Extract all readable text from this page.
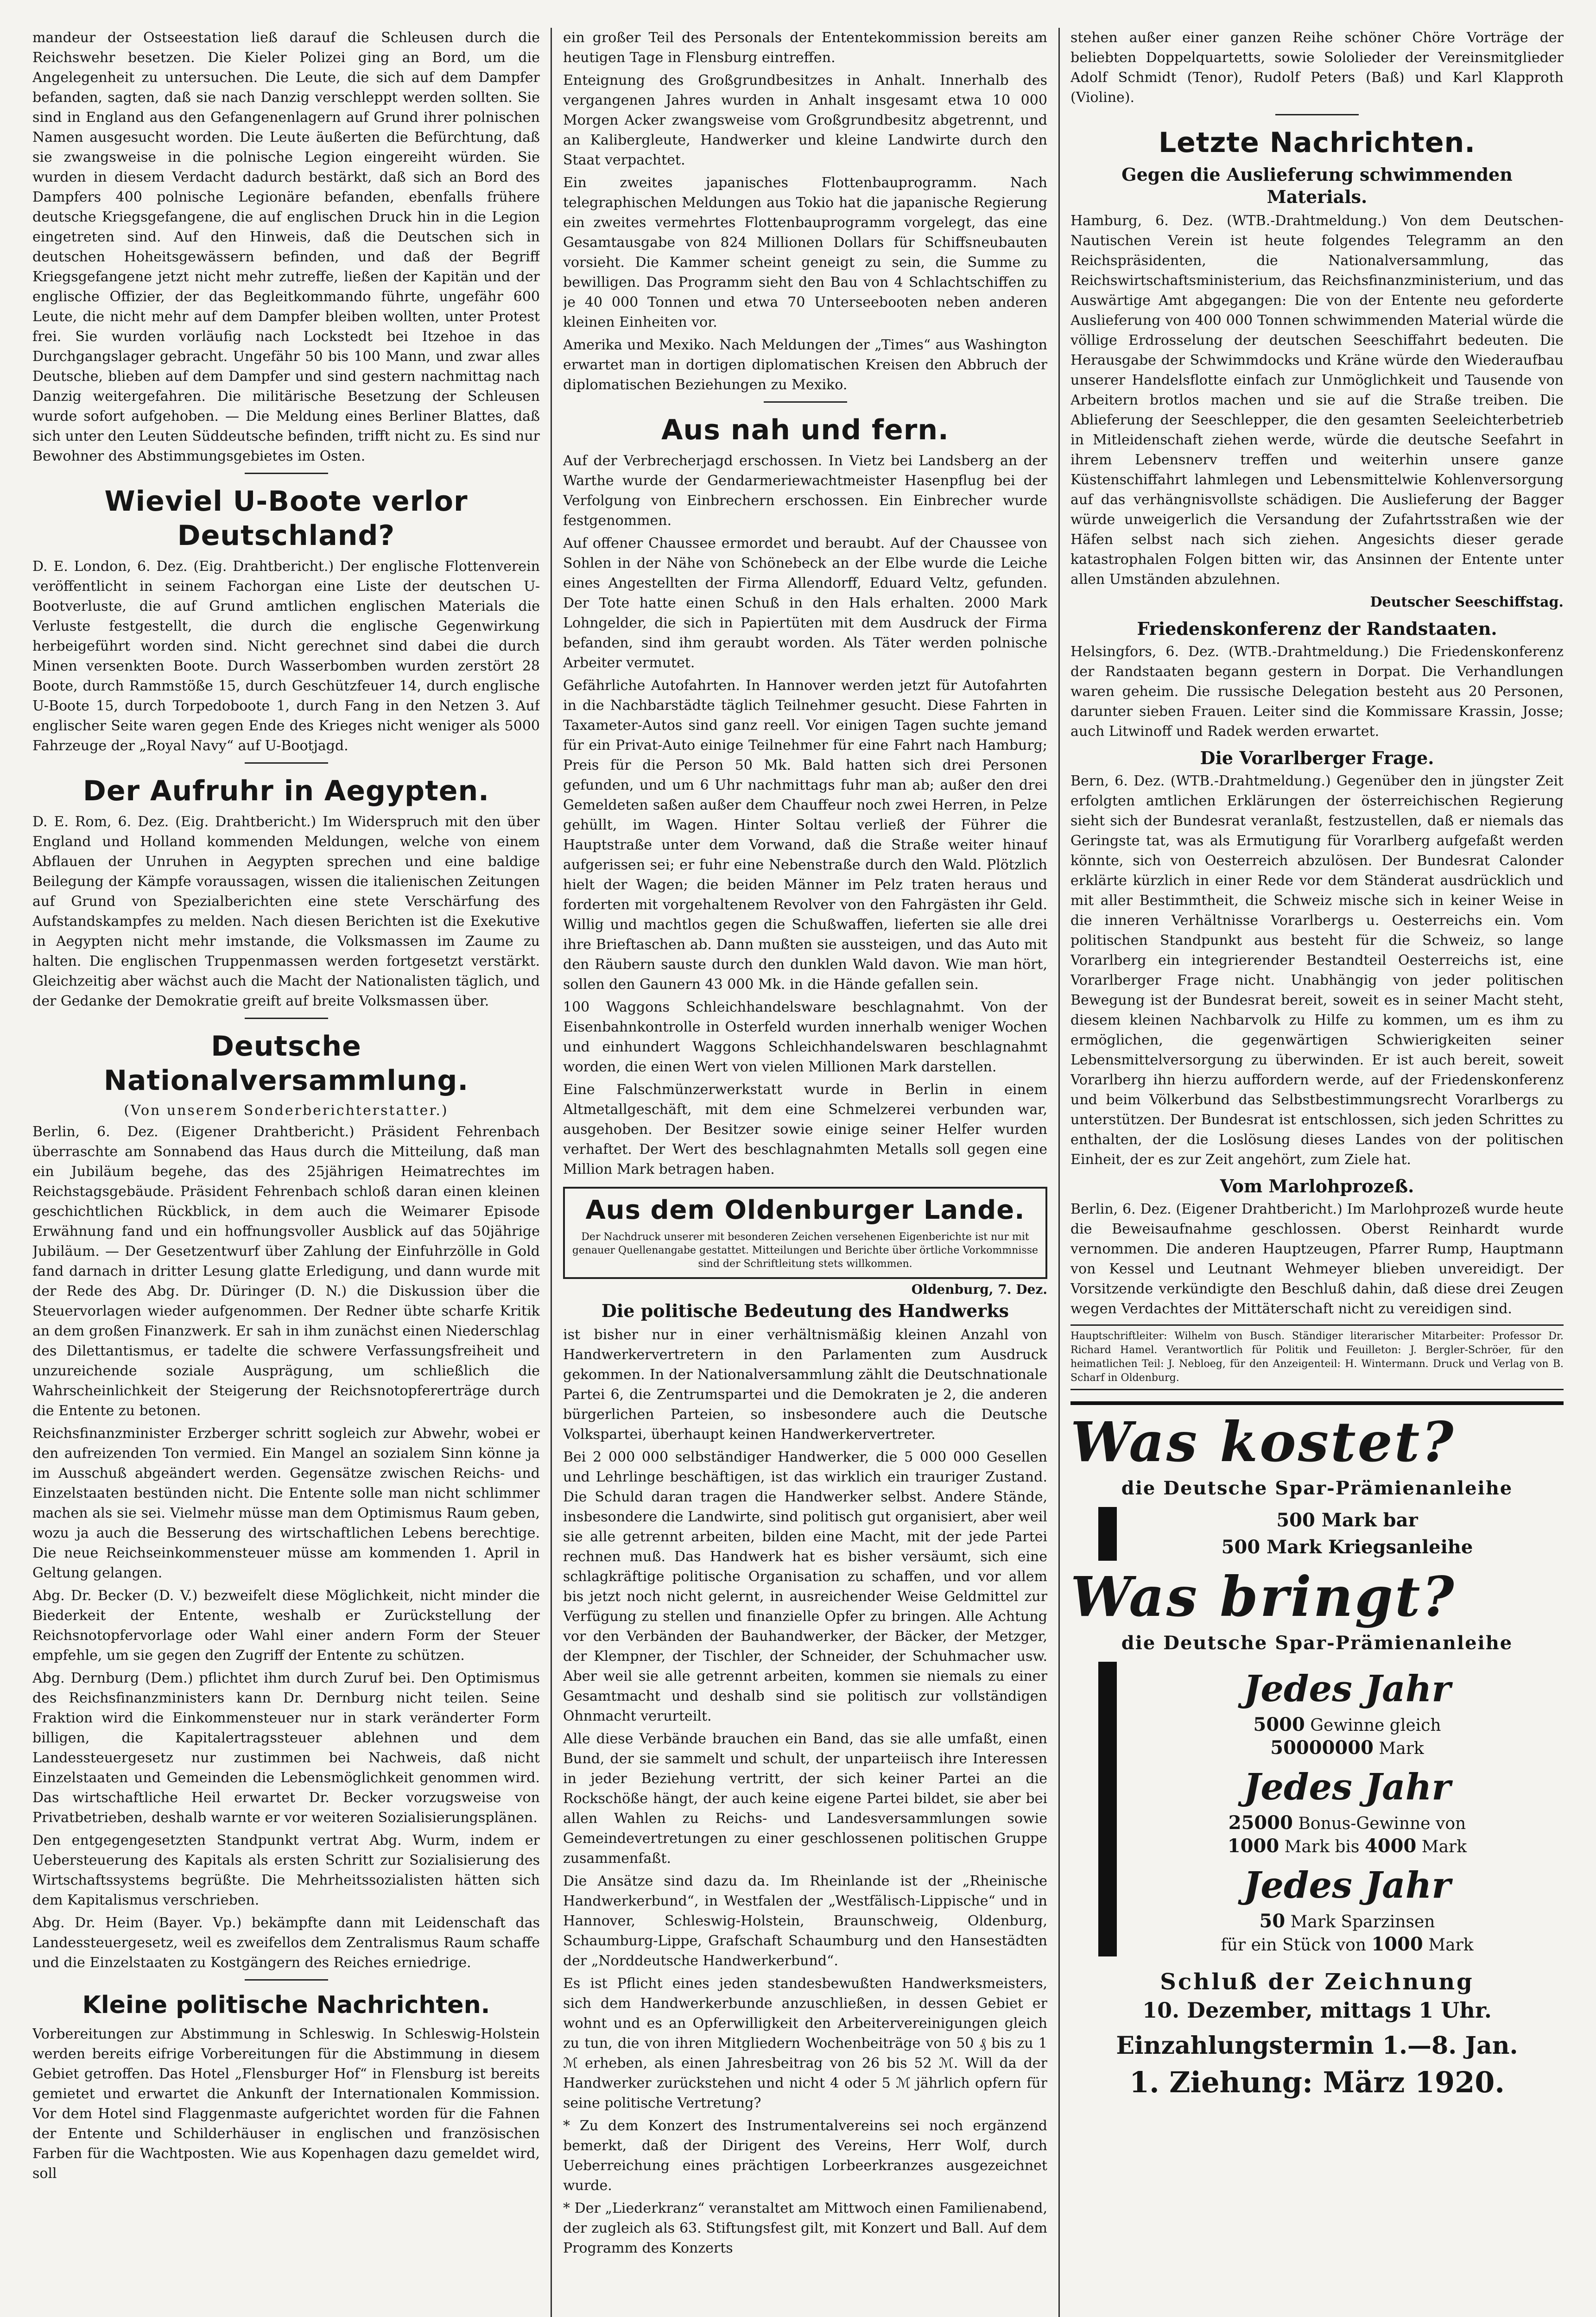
mandeur der Ostseestation ließ darauf die Schleusen durch die Reichswehr besetzen. Die Kieler Polizei ging an Bord, um die Angelegenheit zu untersuchen. Die Leute, die sich auf dem Dampfer befanden, sagten, daß sie nach Danzig verschleppt werden sollten. Sie sind in England aus den Gefangenenlagern auf Grund ihrer polnischen Namen ausgesucht worden. Die Leute äußerten die Befürchtung, daß sie zwangsweise in die polnische Legion eingereiht würden. Sie wurden in diesem Verdacht dadurch bestärkt, daß sich an Bord des Dampfers 400 polnische Legionäre befanden, ebenfalls frühere deutsche Kriegsgefangene, die auf englischen Druck hin in die Legion eingetreten sind. Auf den Hinweis, daß die Deutschen sich in deutschen Hoheitsgewässern befinden, und daß der Begriff Kriegsgefangene jetzt nicht mehr zutreffe, ließen der Kapitän und der englische Offizier, der das Begleitkommando führte, ungefähr 600 Leute, die nicht mehr auf dem Dampfer bleiben wollten, unter Protest frei. Sie wurden vorläufig nach Lockstedt bei Itzehoe in das Durchgangslager gebracht. Ungefähr 50 bis 100 Mann, und zwar alles Deutsche, blieben auf dem Dampfer und sind gestern nachmittag nach Danzig weitergefahren. Die militärische Besetzung der Schleusen wurde sofort aufgehoben. — Die Meldung eines Berliner Blattes, daß sich unter den Leuten Süddeutsche befinden, trifft nicht zu. Es sind nur Bewohner des Abstimmungsgebietes im Osten.

Wieviel U-Boote verlor Deutschland?

D. E. London, 6. Dez. (Eig. Drahtbericht.) Der englische Flottenverein veröffentlicht in seinem Fachorgan eine Liste der deutschen U-Bootverluste, die auf Grund amtlichen englischen Materials die Verluste festgestellt, die durch die englische Gegenwirkung herbeigeführt worden sind. Nicht gerechnet sind dabei die durch Minen versenkten Boote. Durch Wasserbomben wurden zerstört 28 Boote, durch Rammstöße 15, durch Geschützfeuer 14, durch englische U-Boote 15, durch Torpedoboote 1, durch Fang in den Netzen 3. Auf englischer Seite waren gegen Ende des Krieges nicht weniger als 5000 Fahrzeuge der „Royal Navy“ auf U-Bootjagd.

Der Aufruhr in Aegypten.

D. E. Rom, 6. Dez. (Eig. Drahtbericht.) Im Widerspruch mit den über England und Holland kommenden Meldungen, welche von einem Abflauen der Unruhen in Aegypten sprechen und eine baldige Beilegung der Kämpfe voraussagen, wissen die italienischen Zeitungen auf Grund von Spezialberichten eine stete Verschärfung des Aufstandskampfes zu melden. Nach diesen Berichten ist die Exekutive in Aegypten nicht mehr imstande, die Volksmassen im Zaume zu halten. Die englischen Truppenmassen werden fortgesetzt verstärkt. Gleichzeitig aber wächst auch die Macht der Nationalisten täglich, und der Gedanke der Demokratie greift auf breite Volksmassen über.

Deutsche Nationalversammlung.
(Von unserem Sonderberichterstatter.)

Berlin, 6. Dez. (Eigener Drahtbericht.) Präsident Fehrenbach überraschte am Sonnabend das Haus durch die Mitteilung, daß man ein Jubiläum begehe, das des 25jährigen Heimatrechtes im Reichstagsgebäude. Präsident Fehrenbach schloß daran einen kleinen geschichtlichen Rückblick, in dem auch die Weimarer Episode Erwähnung fand und ein hoffnungsvoller Ausblick auf das 50jährige Jubiläum. — Der Gesetzentwurf über Zahlung der Einfuhrzölle in Gold fand darnach in dritter Lesung glatte Erledigung, und dann wurde mit der Rede des Abg. Dr. Düringer (D. N.) die Diskussion über die Steuervorlagen wieder aufgenommen. Der Redner übte scharfe Kritik an dem großen Finanzwerk. Er sah in ihm zunächst einen Niederschlag des Dilettantismus, er tadelte die schwere Verfassungsfreiheit und unzureichende soziale Ausprägung, um schließlich die Wahrscheinlichkeit der Steigerung der Reichsnotopfererträge durch die Entente zu betonen.

Reichsfinanzminister Erzberger schritt sogleich zur Abwehr, wobei er den aufreizenden Ton vermied. Ein Mangel an sozialem Sinn könne ja im Ausschuß abgeändert werden. Gegensätze zwischen Reichs- und Einzelstaaten bestünden nicht. Die Entente solle man nicht schlimmer machen als sie sei. Vielmehr müsse man dem Optimismus Raum geben, wozu ja auch die Besserung des wirtschaftlichen Lebens berechtige. Die neue Reichseinkommensteuer müsse am kommenden 1. April in Geltung gelangen.

Abg. Dr. Becker (D. V.) bezweifelt diese Möglichkeit, nicht minder die Biederkeit der Entente, weshalb er Zurückstellung der Reichsnotopfervorlage oder Wahl einer andern Form der Steuer empfehle, um sie gegen den Zugriff der Entente zu schützen.

Abg. Dernburg (Dem.) pflichtet ihm durch Zuruf bei. Den Optimismus des Reichsfinanzministers kann Dr. Dernburg nicht teilen. Seine Fraktion wird die Einkommensteuer nur in stark veränderter Form billigen, die Kapitalertragssteuer ablehnen und dem Landessteuergesetz nur zustimmen bei Nachweis, daß nicht Einzelstaaten und Gemeinden die Lebensmöglichkeit genommen wird. Das wirtschaftliche Heil erwartet Dr. Becker vorzugsweise von Privatbetrieben, deshalb warnte er vor weiteren Sozialisierungsplänen.

Den entgegengesetzten Standpunkt vertrat Abg. Wurm, indem er Uebersteuerung des Kapitals als ersten Schritt zur Sozialisierung des Wirtschaftssystems begrüßte. Die Mehrheitssozialisten hätten sich dem Kapitalismus verschrieben.

Abg. Dr. Heim (Bayer. Vp.) bekämpfte dann mit Leidenschaft das Landessteuergesetz, weil es zweifellos dem Zentralismus Raum schaffe und die Einzelstaaten zu Kostgängern des Reiches erniedrige.

Kleine politische Nachrichten.

Vorbereitungen zur Abstimmung in Schleswig. In Schleswig-Holstein werden bereits eifrige Vorbereitungen für die Abstimmung in diesem Gebiet getroffen. Das Hotel „Flensburger Hof“ in Flensburg ist bereits gemietet und erwartet die Ankunft der Internationalen Kommission. Vor dem Hotel sind Flaggenmaste aufgerichtet worden für die Fahnen der Entente und Schilderhäuser in englischen und französischen Farben für die Wachtposten. Wie aus Kopenhagen dazu gemeldet wird, soll

ein großer Teil des Personals der Ententekommission bereits am heutigen Tage in Flensburg eintreffen.

Enteignung des Großgrundbesitzes in Anhalt. Innerhalb des vergangenen Jahres wurden in Anhalt insgesamt etwa 10 000 Morgen Acker zwangsweise vom Großgrundbesitz abgetrennt, und an Kalibergleute, Handwerker und kleine Landwirte durch den Staat verpachtet.

Ein zweites japanisches Flottenbauprogramm. Nach telegraphischen Meldungen aus Tokio hat die japanische Regierung ein zweites vermehrtes Flottenbauprogramm vorgelegt, das eine Gesamtausgabe von 824 Millionen Dollars für Schiffsneubauten vorsieht. Die Kammer scheint geneigt zu sein, die Summe zu bewilligen. Das Programm sieht den Bau von 4 Schlachtschiffen zu je 40 000 Tonnen und etwa 70 Unterseebooten neben anderen kleinen Einheiten vor.

Amerika und Mexiko. Nach Meldungen der „Times“ aus Washington erwartet man in dortigen diplomatischen Kreisen den Abbruch der diplomatischen Beziehungen zu Mexiko.

Aus nah und fern.

Auf der Verbrecherjagd erschossen. In Vietz bei Landsberg an der Warthe wurde der Gendarmeriewachtmeister Hasenpflug bei der Verfolgung von Einbrechern erschossen. Ein Einbrecher wurde festgenommen.

Auf offener Chaussee ermordet und beraubt. Auf der Chaussee von Sohlen in der Nähe von Schönebeck an der Elbe wurde die Leiche eines Angestellten der Firma Allendorff, Eduard Veltz, gefunden. Der Tote hatte einen Schuß in den Hals erhalten. 2000 Mark Lohngelder, die sich in Papiertüten mit dem Ausdruck der Firma befanden, sind ihm geraubt worden. Als Täter werden polnische Arbeiter vermutet.

Gefährliche Autofahrten. In Hannover werden jetzt für Autofahrten in die Nachbarstädte täglich Teilnehmer gesucht. Diese Fahrten in Taxameter-Autos sind ganz reell. Vor einigen Tagen suchte jemand für ein Privat-Auto einige Teilnehmer für eine Fahrt nach Hamburg; Preis für die Person 50 Mk. Bald hatten sich drei Personen gefunden, und um 6 Uhr nachmittags fuhr man ab; außer den drei Gemeldeten saßen außer dem Chauffeur noch zwei Herren, in Pelze gehüllt, im Wagen. Hinter Soltau verließ der Führer die Hauptstraße unter dem Vorwand, daß die Straße weiter hinauf aufgerissen sei; er fuhr eine Nebenstraße durch den Wald. Plötzlich hielt der Wagen; die beiden Männer im Pelz traten heraus und forderten mit vorgehaltenem Revolver von den Fahrgästen ihr Geld. Willig und machtlos gegen die Schußwaffen, lieferten sie alle drei ihre Brieftaschen ab. Dann mußten sie aussteigen, und das Auto mit den Räubern sauste durch den dunklen Wald davon. Wie man hört, sollen den Gaunern 43 000 Mk. in die Hände gefallen sein.

100 Waggons Schleichhandelsware beschlagnahmt. Von der Eisenbahnkontrolle in Osterfeld wurden innerhalb weniger Wochen und einhundert Waggons Schleichhandelswaren beschlagnahmt worden, die einen Wert von vielen Millionen Mark darstellen.

Eine Falschmünzerwerkstatt wurde in Berlin in einem Altmetallgeschäft, mit dem eine Schmelzerei verbunden war, ausgehoben. Der Besitzer sowie einige seiner Helfer wurden verhaftet. Der Wert des beschlagnahmten Metalls soll gegen eine Million Mark betragen haben.

Aus dem Oldenburger Lande.
Der Nachdruck unserer mit besonderen Zeichen versehenen Eigenberichte ist nur mit genauer Quellenangabe gestattet. Mitteilungen und Berichte über örtliche Vorkommnisse sind der Schriftleitung stets willkommen.
Oldenburg, 7. Dez.
Die politische Bedeutung des Handwerks

ist bisher nur in einer verhältnismäßig kleinen Anzahl von Handwerkervertretern in den Parlamenten zum Ausdruck gekommen. In der Nationalversammlung zählt die Deutschnationale Partei 6, die Zentrumspartei und die Demokraten je 2, die anderen bürgerlichen Parteien, so insbesondere auch die Deutsche Volkspartei, überhaupt keinen Handwerkervertreter.

Bei 2 000 000 selbständiger Handwerker, die 5 000 000 Gesellen und Lehrlinge beschäftigen, ist das wirklich ein trauriger Zustand. Die Schuld daran tragen die Handwerker selbst. Andere Stände, insbesondere die Landwirte, sind politisch gut organisiert, aber weil sie alle getrennt arbeiten, bilden eine Macht, mit der jede Partei rechnen muß. Das Handwerk hat es bisher versäumt, sich eine schlagkräftige politische Organisation zu schaffen, und vor allem bis jetzt noch nicht gelernt, in ausreichender Weise Geldmittel zur Verfügung zu stellen und finanzielle Opfer zu bringen. Alle Achtung vor den Verbänden der Bauhandwerker, der Bäcker, der Metzger, der Klempner, der Tischler, der Schneider, der Schuhmacher usw. Aber weil sie alle getrennt arbeiten, kommen sie niemals zu einer Gesamtmacht und deshalb sind sie politisch zur vollständigen Ohnmacht verurteilt.

Alle diese Verbände brauchen ein Band, das sie alle umfaßt, einen Bund, der sie sammelt und schult, der unparteiisch ihre Interessen in jeder Beziehung vertritt, der sich keiner Partei an die Rockschöße hängt, der auch keine eigene Partei bildet, sie aber bei allen Wahlen zu Reichs- und Landesversammlungen sowie Gemeindevertretungen zu einer geschlossenen politischen Gruppe zusammenfaßt.

Die Ansätze sind dazu da. Im Rheinlande ist der „Rheinische Handwerkerbund“, in Westfalen der „Westfälisch-Lippische“ und in Hannover, Schleswig-Holstein, Braunschweig, Oldenburg, Schaumburg-Lippe, Grafschaft Schaumburg und den Hansestädten der „Norddeutsche Handwerkerbund“.

Es ist Pflicht eines jeden standesbewußten Handwerksmeisters, sich dem Handwerkerbunde anzuschließen, in dessen Gebiet er wohnt und es an Opferwilligkeit den Arbeitervereinigungen gleich zu tun, die von ihren Mitgliedern Wochenbeiträge von 50 ₰ bis zu 1 ℳ erheben, als einen Jahresbeitrag von 26 bis 52 ℳ. Will da der Handwerker zurückstehen und nicht 4 oder 5 ℳ jährlich opfern für seine politische Vertretung?

* Zu dem Konzert des Instrumentalvereins sei noch ergänzend bemerkt, daß der Dirigent des Vereins, Herr Wolf, durch Ueberreichung eines prächtigen Lorbeerkranzes ausgezeichnet wurde.

* Der „Liederkranz“ veranstaltet am Mittwoch einen Familienabend, der zugleich als 63. Stiftungsfest gilt, mit Konzert und Ball. Auf dem Programm des Konzerts

stehen außer einer ganzen Reihe schöner Chöre Vorträge der beliebten Doppelquartetts, sowie Sololieder der Vereinsmitglieder Adolf Schmidt (Tenor), Rudolf Peters (Baß) und Karl Klapproth (Violine).

Letzte Nachrichten.
Gegen die Auslieferung schwimmenden Materials.

Hamburg, 6. Dez. (WTB.-Drahtmeldung.) Von dem Deutschen-Nautischen Verein ist heute folgendes Telegramm an den Reichspräsidenten, die Nationalversammlung, das Reichswirtschaftsministerium, das Reichsfinanzministerium, und das Auswärtige Amt abgegangen: Die von der Entente neu geforderte Auslieferung von 400 000 Tonnen schwimmenden Material würde die völlige Erdrosselung der deutschen Seeschiffahrt bedeuten. Die Herausgabe der Schwimmdocks und Kräne würde den Wiederaufbau unserer Handelsflotte einfach zur Unmöglichkeit und Tausende von Arbeitern brotlos machen und sie auf die Straße treiben. Die Ablieferung der Seeschlepper, die den gesamten Seeleichterbetrieb in Mitleidenschaft ziehen werde, würde die deutsche Seefahrt in ihrem Lebensnerv treffen und weiterhin unsere ganze Küstenschiffahrt lahmlegen und Lebensmittelwie Kohlenversorgung auf das verhängnisvollste schädigen. Die Auslieferung der Bagger würde unweigerlich die Versandung der Zufahrtsstraßen wie der Häfen selbst nach sich ziehen. Angesichts dieser gerade katastrophalen Folgen bitten wir, das Ansinnen der Entente unter allen Umständen abzulehnen.

Deutscher Seeschiffstag.

Friedenskonferenz der Randstaaten.

Helsingfors, 6. Dez. (WTB.-Drahtmeldung.) Die Friedenskonferenz der Randstaaten begann gestern in Dorpat. Die Verhandlungen waren geheim. Die russische Delegation besteht aus 20 Personen, darunter sieben Frauen. Leiter sind die Kommissare Krassin, Josse; auch Litwinoff und Radek werden erwartet.

Die Vorarlberger Frage.

Bern, 6. Dez. (WTB.-Drahtmeldung.) Gegenüber den in jüngster Zeit erfolgten amtlichen Erklärungen der österreichischen Regierung sieht sich der Bundesrat veranlaßt, festzustellen, daß er niemals das Geringste tat, was als Ermutigung für Vorarlberg aufgefaßt werden könnte, sich von Oesterreich abzulösen. Der Bundesrat Calonder erklärte kürzlich in einer Rede vor dem Ständerat ausdrücklich und mit aller Bestimmtheit, die Schweiz mische sich in keiner Weise in die inneren Verhältnisse Vorarlbergs u. Oesterreichs ein. Vom politischen Standpunkt aus besteht für die Schweiz, so lange Vorarlberg ein integrierender Bestandteil Oesterreichs ist, eine Vorarlberger Frage nicht. Unabhängig von jeder politischen Bewegung ist der Bundesrat bereit, soweit es in seiner Macht steht, diesem kleinen Nachbarvolk zu Hilfe zu kommen, um es ihm zu ermöglichen, die gegenwärtigen Schwierigkeiten seiner Lebensmittelversorgung zu überwinden. Er ist auch bereit, soweit Vorarlberg ihn hierzu auffordern werde, auf der Friedenskonferenz und beim Völkerbund das Selbstbestimmungsrecht Vorarlbergs zu unterstützen. Der Bundesrat ist entschlossen, sich jeden Schrittes zu enthalten, der die Loslösung dieses Landes von der politischen Einheit, der es zur Zeit angehört, zum Ziele hat.

Vom Marlohprozeß.

Berlin, 6. Dez. (Eigener Drahtbericht.) Im Marlohprozeß wurde heute die Beweisaufnahme geschlossen. Oberst Reinhardt wurde vernommen. Die anderen Hauptzeugen, Pfarrer Rump, Hauptmann von Kessel und Leutnant Wehmeyer blieben unvereidigt. Der Vorsitzende verkündigte den Beschluß dahin, daß diese drei Zeugen wegen Verdachtes der Mittäterschaft nicht zu vereidigen sind.

Hauptschriftleiter: Wilhelm von Busch. Ständiger literarischer Mitarbeiter: Professor Dr. Richard Hamel. Verantwortlich für Politik und Feuilleton: J. Bergler-Schröer, für den heimatlichen Teil: J. Nebloeg, für den Anzeigenteil: H. Wintermann. Druck und Verlag von B. Scharf in Oldenburg.
Was kostet?
die Deutsche Spar-Prämienanleihe
500 Mark bar
500 Mark Kriegsanleihe
Was bringt?
die Deutsche Spar-Prämienanleihe
Jedes Jahr
5000 Gewinne gleich
50000000 Mark
Jedes Jahr
25000 Bonus-Gewinne von
1000 Mark bis 4000 Mark
Jedes Jahr
50 Mark Sparzinsen
für ein Stück von 1000 Mark
Schluß der Zeichnung
10. Dezember, mittags 1 Uhr.
Einzahlungstermin 1.—8. Jan.
1. Ziehung: März 1920.
